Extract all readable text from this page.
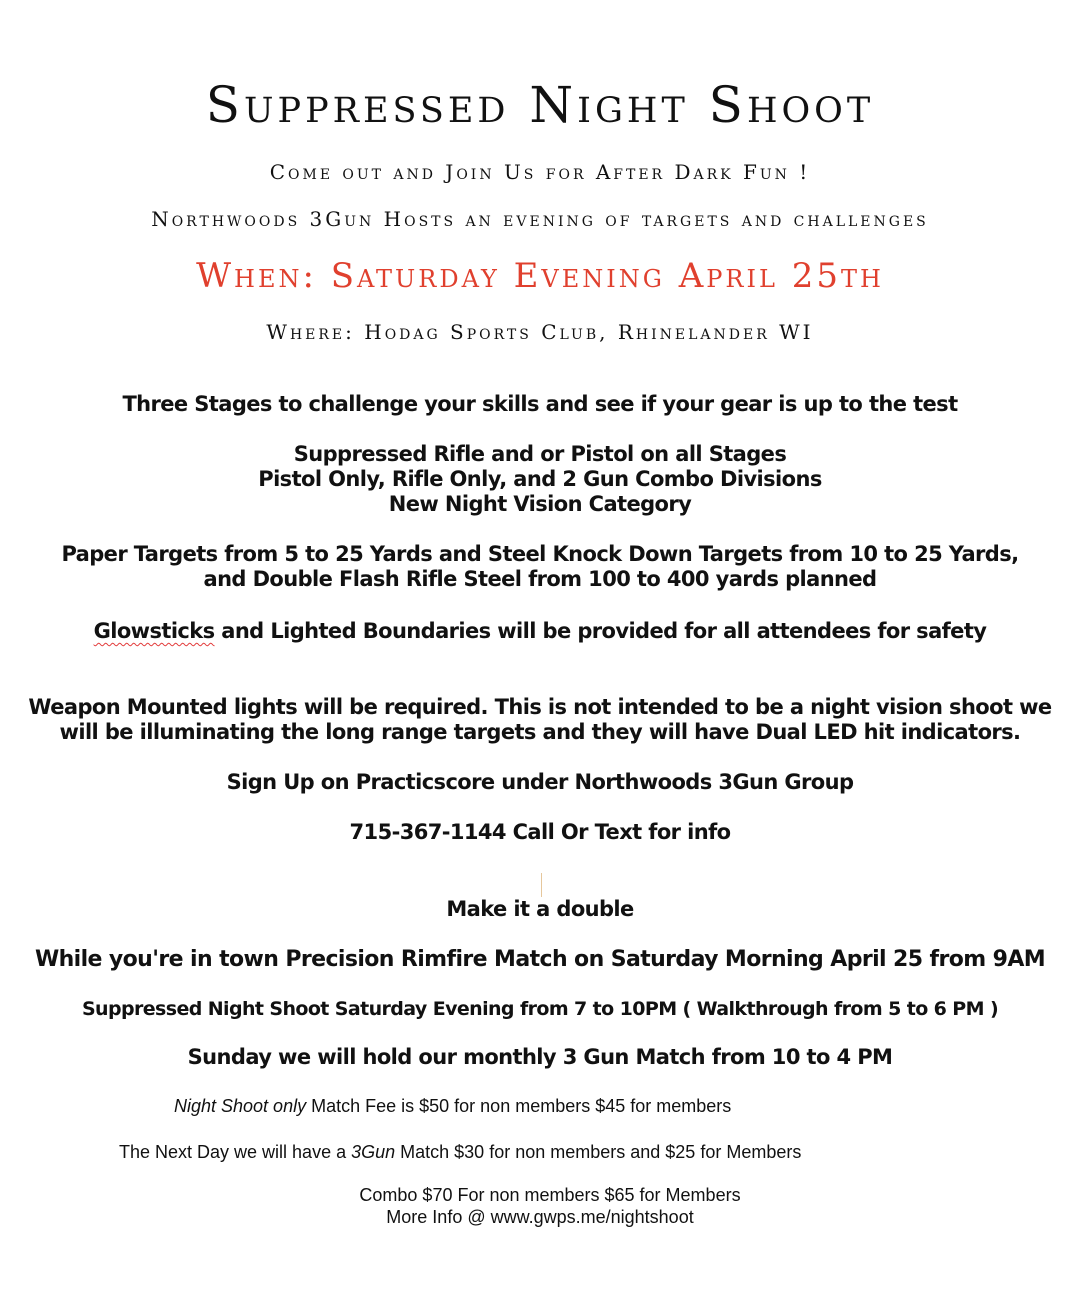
Suppressed Night Shoot

Come out and Join Us for After Dark Fun !

Northwoods 3Gun Hosts an evening of targets and challenges

When: Saturday Evening April 25th

Where: Hodag Sports Club, Rhinelander WI

Three Stages to challenge your skills and see if your gear is up to the test

Suppressed Rifle and or Pistol on all Stages
Pistol Only, Rifle Only, and 2 Gun Combo Divisions
New Night Vision Category
Paper Targets from 5 to 25 Yards and Steel Knock Down Targets from 10 to 25 Yards,
and Double Flash Rifle Steel from 100 to 400 yards planned

Glowsticks and Lighted Boundaries will be provided for all attendees for safety

Weapon Mounted lights will be required. This is not intended to be a night vision shoot we
will be illuminating the long range targets and they will have Dual LED hit indicators.

Sign Up on Practicscore under Northwoods 3Gun Group

715-367-1144 Call Or Text for info

Make it a double

While you're in town Precision Rimfire Match on Saturday Morning April 25 from 9AM

Suppressed Night Shoot Saturday Evening from 7 to 10PM ( Walkthrough from 5 to 6 PM )

Sunday we will hold our monthly 3 Gun Match from 10 to 4 PM

Night Shoot only Match Fee is $50 for non members $45 for members

The Next Day we will have a 3Gun Match $30 for non members and $25 for Members

Combo $70 For non members $65 for Members
More Info @ www.gwps.me/nightshoot
